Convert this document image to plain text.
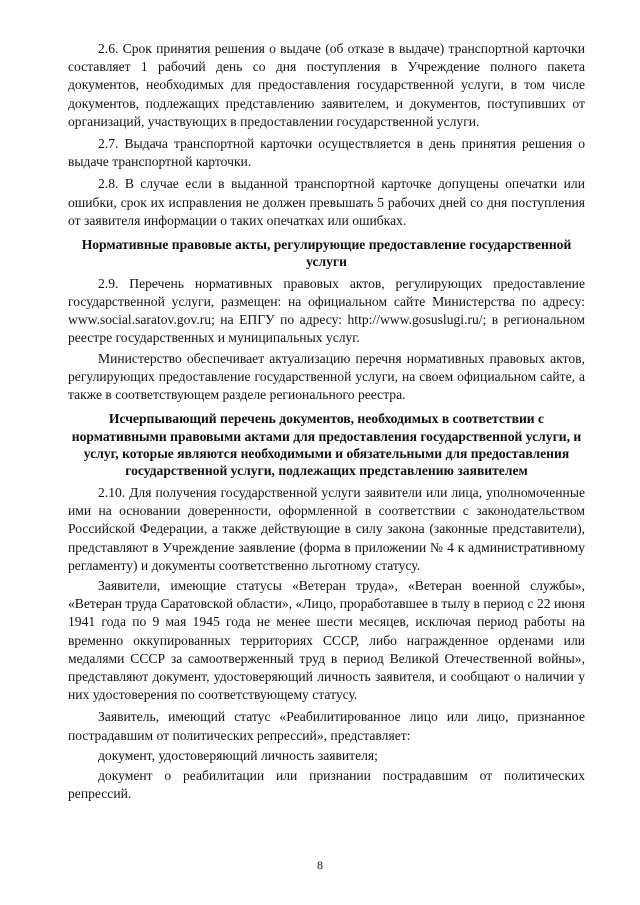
2.6. Срок принятия решения о выдаче (об отказе в выдаче) транспортной карточки составляет 1 рабочий день со дня поступления в Учреждение полного пакета документов, необходимых для предоставления государственной услуги, в том числе документов, подлежащих представлению заявителем, и документов, поступивших от организаций, участвующих в предоставлении государственной услуги.

2.7. Выдача транспортной карточки осуществляется в день принятия решения о выдаче транспортной карточки.

2.8. В случае если в выданной транспортной карточке допущены опечатки или ошибки, срок их исправления не должен превышать 5 рабочих дней со дня поступления от заявителя информации о таких опечатках или ошибках.

Нормативные правовые акты, регулирующие предоставление государственной услуги

2.9. Перечень нормативных правовых актов, регулирующих предоставление государственной услуги, размещен: на официальном сайте Министерства по адресу: www.social.saratov.gov.ru; на ЕПГУ по адресу: http://www.gosuslugi.ru/; в региональном реестре государственных и муниципальных услуг.

Министерство обеспечивает актуализацию перечня нормативных правовых актов, регулирующих предоставление государственной услуги, на своем официальном сайте, а также в соответствующем разделе регионального реестра.

Исчерпывающий перечень документов, необходимых в соответствии с нормативными правовыми актами для предоставления государственной услуги, и услуг, которые являются необходимыми и обязательными для предоставления государственной услуги, подлежащих представлению заявителем

2.10. Для получения государственной услуги заявители или лица, уполномоченные ими на основании доверенности, оформленной в соответствии с законодательством Российской Федерации, а также действующие в силу закона (законные представители), представляют в Учреждение заявление (форма в приложении № 4 к административному регламенту) и документы соответственно льготному статусу.

Заявители, имеющие статусы «Ветеран труда», «Ветеран военной службы», «Ветеран труда Саратовской области», «Лицо, проработавшее в тылу в период с 22 июня 1941 года по 9 мая 1945 года не менее шести месяцев, исключая период работы на временно оккупированных территориях СССР, либо награжденное орденами или медалями СССР за самоотверженный труд в период Великой Отечественной войны», представляют документ, удостоверяющий личность заявителя, и сообщают о наличии у них удостоверения по соответствующему статусу.

Заявитель, имеющий статус «Реабилитированное лицо или лицо, признанное пострадавшим от политических репрессий», представляет:

документ, удостоверяющий личность заявителя;

документ о реабилитации или признании пострадавшим от политических репрессий.

8
